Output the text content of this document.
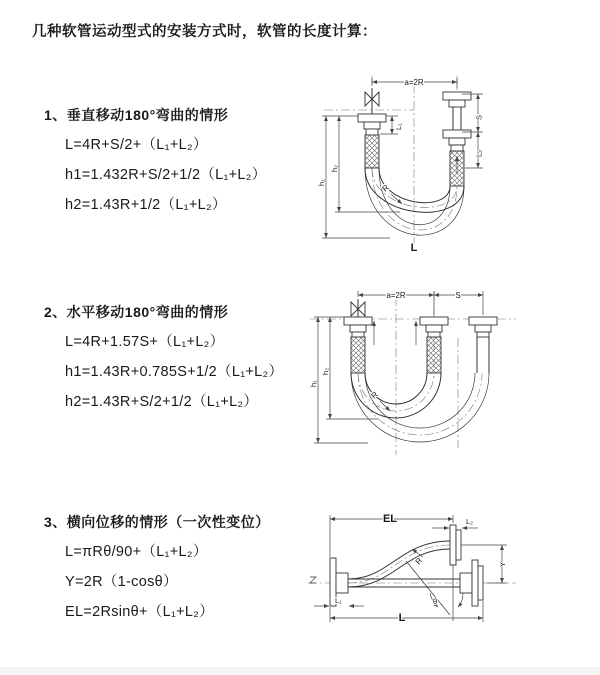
几种软管运动型式的安装方式时，软管的长度计算：
1、垂直移动180°弯曲的情形
L=4R+S/2+（L₁+L₂）
h1=1.432R+S/2+1/2（L₁+L₂）
h2=1.43R+1/2（L₁+L₂）
2、水平移动180°弯曲的情形
L=4R+1.57S+（L₁+L₂）
h1=1.43R+0.785S+1/2（L₁+L₂）
h2=1.43R+S/2+1/2（L₁+L₂）
3、横向位移的情形（一次性变位）
L=πRθ/90+（L₁+L₂）
Y=2R（1-cosθ）
EL=2Rsinθ+（L₁+L₂）
a=2R
S
L₂
h₁
h₂
L₁
R
L
a=2R	S
h₁
h₂
R
EL	L₂
Y
R
θ
L
L₁
